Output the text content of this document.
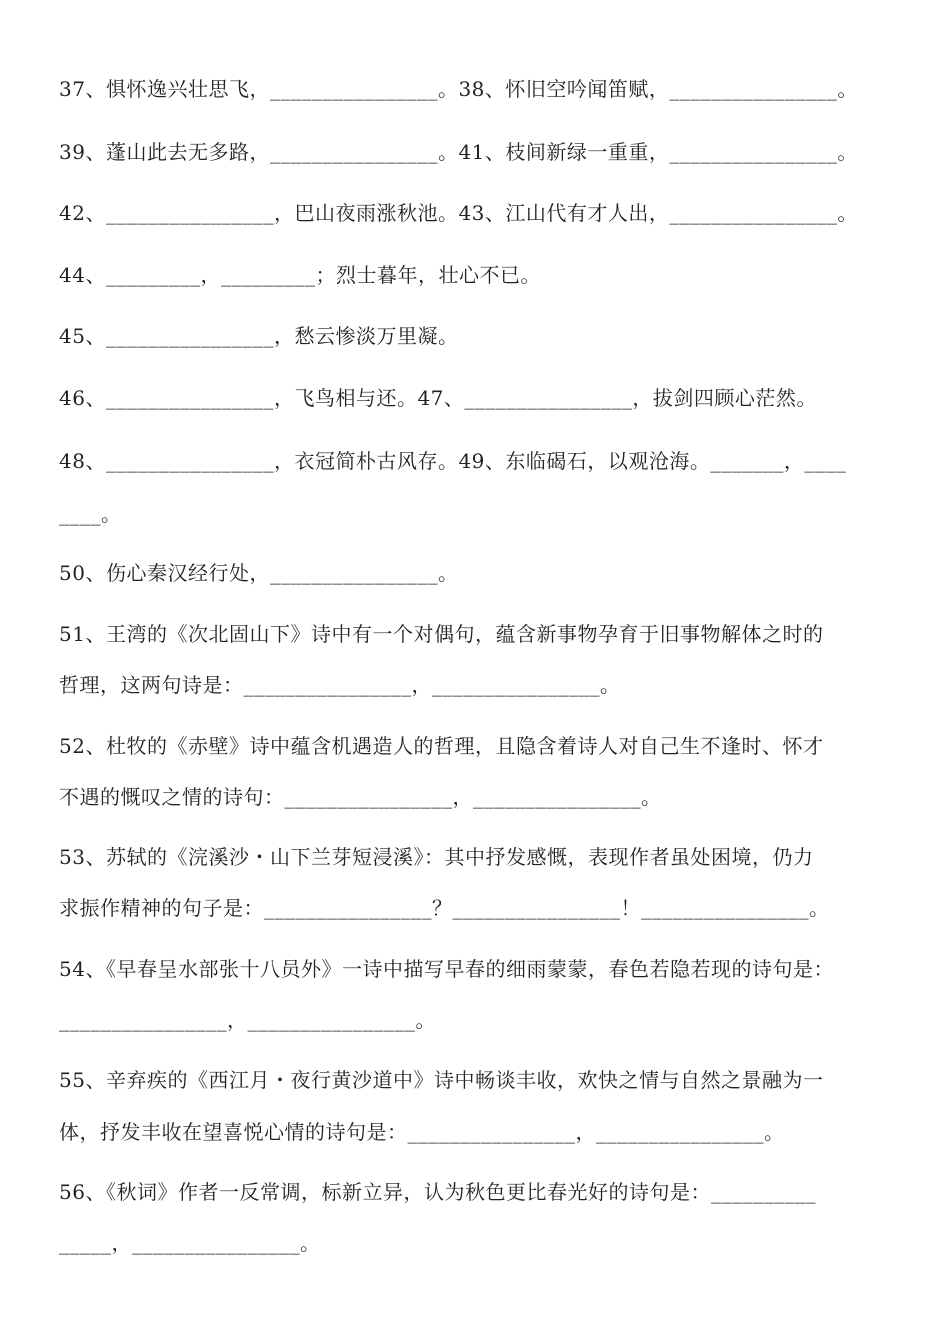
37、惧怀逸兴壮思飞，________________。38、怀旧空吟闻笛赋，________________。
39、蓬山此去无多路，________________。41、枝间新绿一重重，________________。
42、________________，巴山夜雨涨秋池。43、江山代有才人出，________________。
44、_________，_________；烈士暮年，壮心不已。
45、________________，愁云惨淡万里凝。
46、________________，飞鸟相与还。47、________________，拔剑四顾心茫然。
48、________________，衣冠简朴古风存。49、东临碣石，以观沧海。_______，____
____。
50、伤心秦汉经行处，________________。
51、王湾的《次北固山下》诗中有一个对偶句，蕴含新事物孕育于旧事物解体之时的
哲理，这两句诗是：________________，________________。
52、杜牧的《赤壁》诗中蕴含机遇造人的哲理，且隐含着诗人对自己生不逢时、怀才
不遇的慨叹之情的诗句：________________，________________。
53、苏轼的《浣溪沙・山下兰芽短浸溪》：其中抒发感慨，表现作者虽处困境，仍力
求振作精神的句子是：________________？________________！________________。
54、《早春呈水部张十八员外》一诗中描写早春的细雨蒙蒙，春色若隐若现的诗句是：
________________，________________。
55、辛弃疾的《西江月・夜行黄沙道中》诗中畅谈丰收，欢快之情与自然之景融为一
体，抒发丰收在望喜悦心情的诗句是：________________，________________。
56、《秋词》作者一反常调，标新立异，认为秋色更比春光好的诗句是：__________
_____，________________。
